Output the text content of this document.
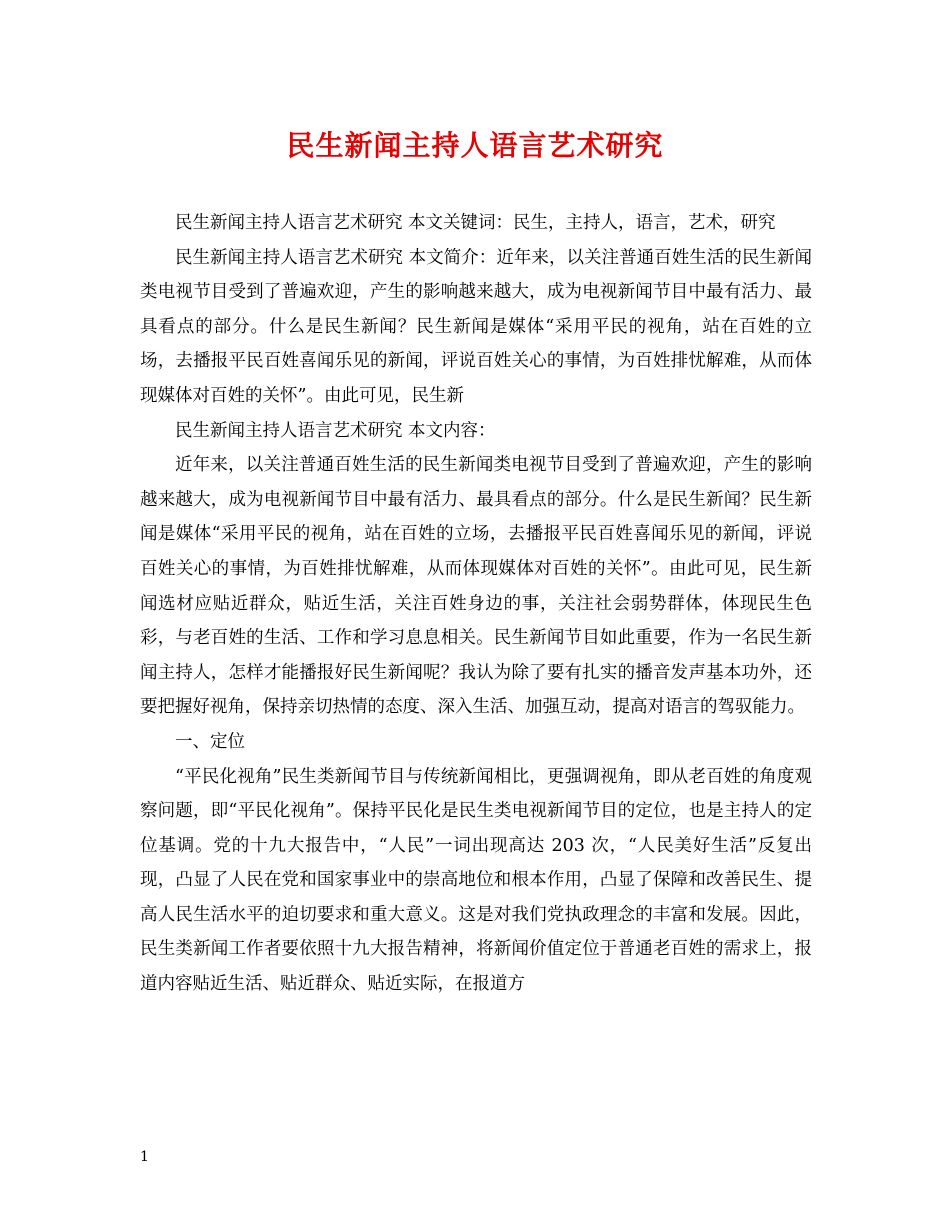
民生新闻主持人语言艺术研究

民生新闻主持人语言艺术研究 本文关键词：民生，主持人，语言，艺术，研究

民生新闻主持人语言艺术研究 本文简介：近年来，以关注普通百姓生活的民生新闻类电视节目受到了普遍欢迎，产生的影响越来越大，成为电视新闻节目中最有活力、最具看点的部分。什么是民生新闻？民生新闻是媒体“采用平民的视角，站在百姓的立场，去播报平民百姓喜闻乐见的新闻，评说百姓关心的事情，为百姓排忧解难，从而体现媒体对百姓的关怀”。由此可见，民生新

民生新闻主持人语言艺术研究 本文内容：

近年来，以关注普通百姓生活的民生新闻类电视节目受到了普遍欢迎，产生的影响越来越大，成为电视新闻节目中最有活力、最具看点的部分。什么是民生新闻？民生新闻是媒体“采用平民的视角，站在百姓的立场，去播报平民百姓喜闻乐见的新闻，评说百姓关心的事情，为百姓排忧解难，从而体现媒体对百姓的关怀”。由此可见，民生新闻选材应贴近群众，贴近生活，关注百姓身边的事，关注社会弱势群体，体现民生色彩，与老百姓的生活、工作和学习息息相关。民生新闻节目如此重要，作为一名民生新闻主持人，怎样才能播报好民生新闻呢？我认为除了要有扎实的播音发声基本功外，还要把握好视角，保持亲切热情的态度、深入生活、加强互动，提高对语言的驾驭能力。

一、定位

“平民化视角”民生类新闻节目与传统新闻相比，更强调视角，即从老百姓的角度观察问题，即“平民化视角”。保持平民化是民生类电视新闻节目的定位，也是主持人的定位基调。党的十九大报告中，“人民”一词出现高达 203 次，“人民美好生活”反复出现，凸显了人民在党和国家事业中的崇高地位和根本作用，凸显了保障和改善民生、提高人民生活水平的迫切要求和重大意义。这是对我们党执政理念的丰富和发展。因此，民生类新闻工作者要依照十九大报告精神，将新闻价值定位于普通老百姓的需求上，报道内容贴近生活、贴近群众、贴近实际，在报道方

1
